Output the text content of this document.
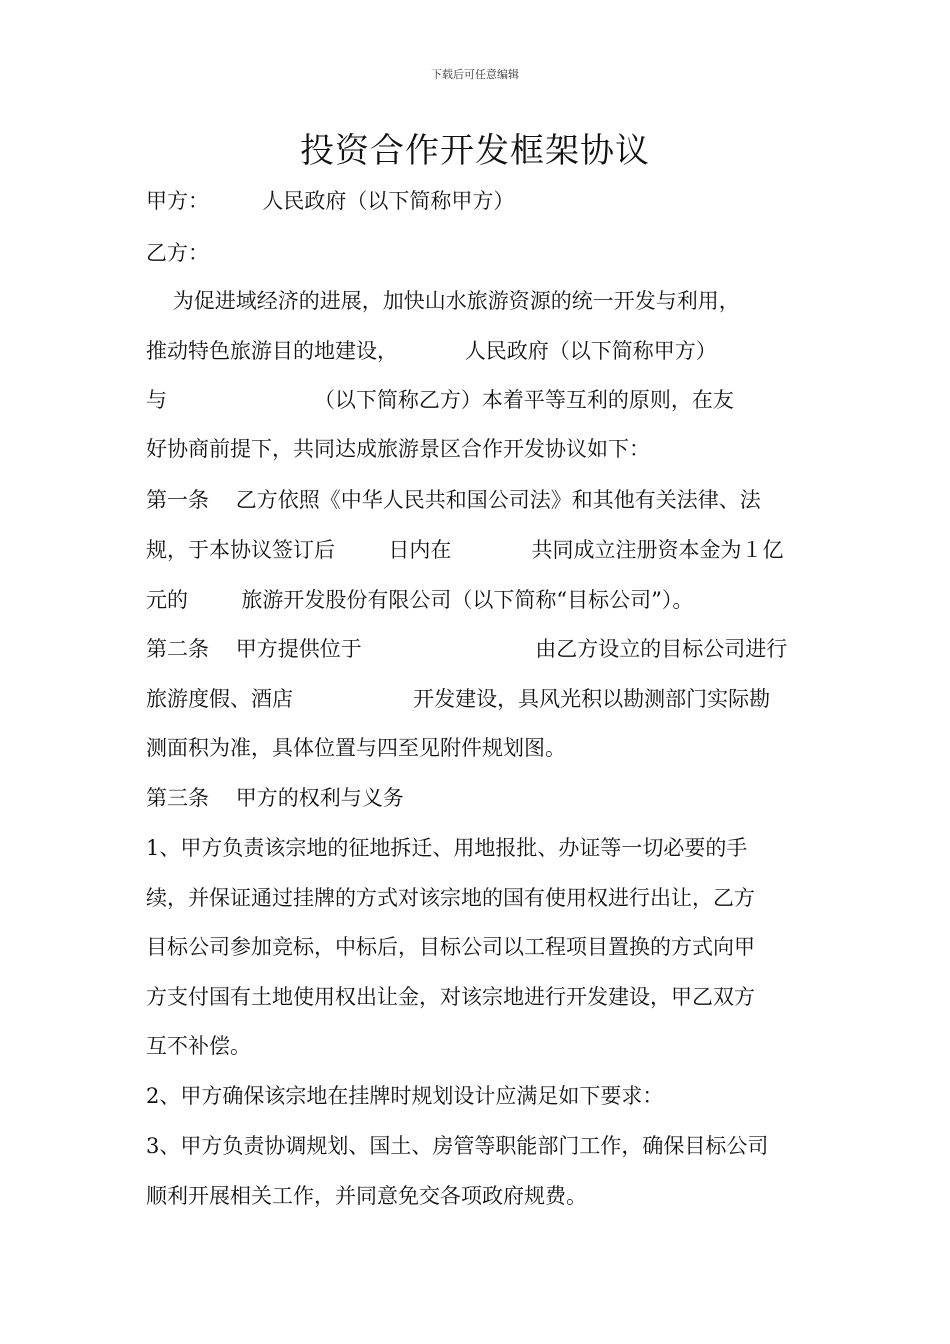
下载后可任意编辑
投资合作开发框架协议
甲方：        人民政府（以下简称甲方）
乙方：
为促进域经济的进展，加快山水旅游资源的统一开发与利用，
推动特色旅游目的地建设，          人民政府（以下简称甲方）
与                      （以下简称乙方）本着平等互利的原则，在友
好协商前提下，共同达成旅游景区合作开发协议如下：
第一条    乙方依照《中华人民共和国公司法》和其他有关法律、法
规，于本协议签订后        日内在            共同成立注册资本金为１亿
元的        旅游开发股份有限公司（以下简称“目标公司”）。
第二条    甲方提供位于                          由乙方设立的目标公司进行
旅游度假、酒店                  开发建设，具风光积以勘测部门实际勘
测面积为准，具体位置与四至见附件规划图。
第三条    甲方的权利与义务
1、甲方负责该宗地的征地拆迁、用地报批、办证等一切必要的手
续，并保证通过挂牌的方式对该宗地的国有使用权进行出让，乙方
目标公司参加竞标，中标后，目标公司以工程项目置换的方式向甲
方支付国有土地使用权出让金，对该宗地进行开发建设，甲乙双方
互不补偿。
2、甲方确保该宗地在挂牌时规划设计应满足如下要求：
3、甲方负责协调规划、国土、房管等职能部门工作，确保目标公司
顺利开展相关工作，并同意免交各项政府规费。
